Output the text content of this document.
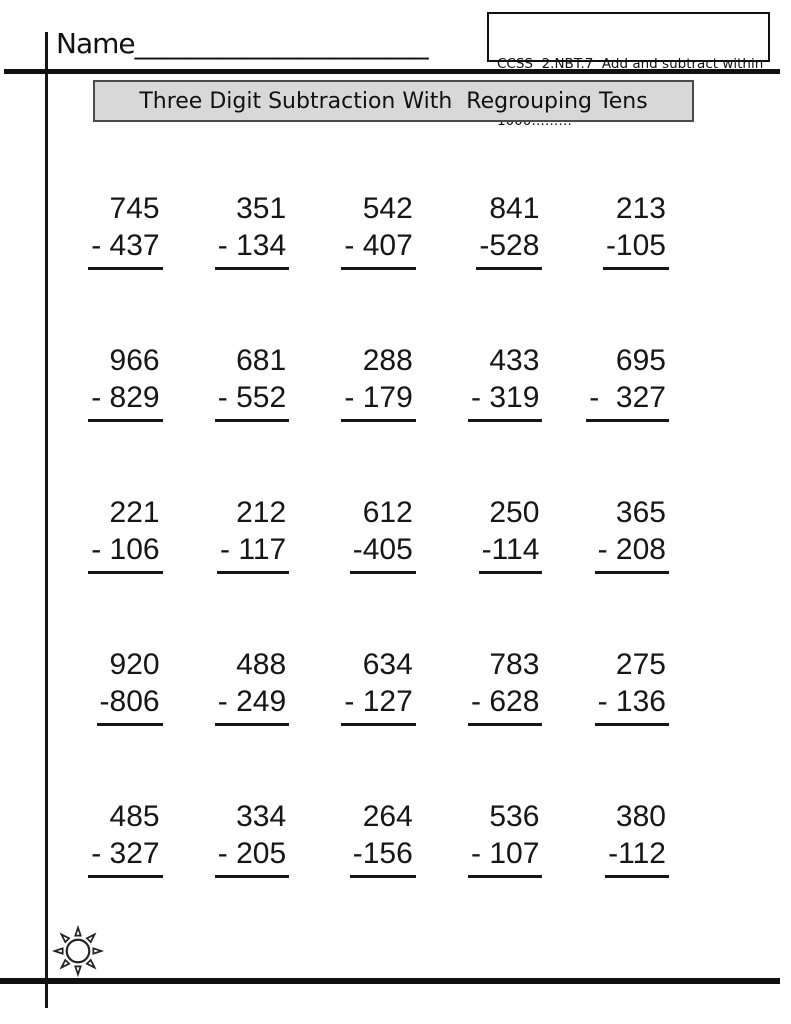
Name_____________________

CCSS  2.NBT.7  Add and subtract within

Three Digit Subtraction With  Regrouping Tens
745
- 437
351
- 134
542
- 407
841
-528
213
-105
966
- 829
681
- 552
288
- 179
433
- 319
695
-  327
221
- 106
212
- 117
612
-405
250
-114
365
- 208
920
-806
488
- 249
634
- 127
783
- 628
275
- 136
485
- 327
334
- 205
264
-156
536
- 107
380
-112
